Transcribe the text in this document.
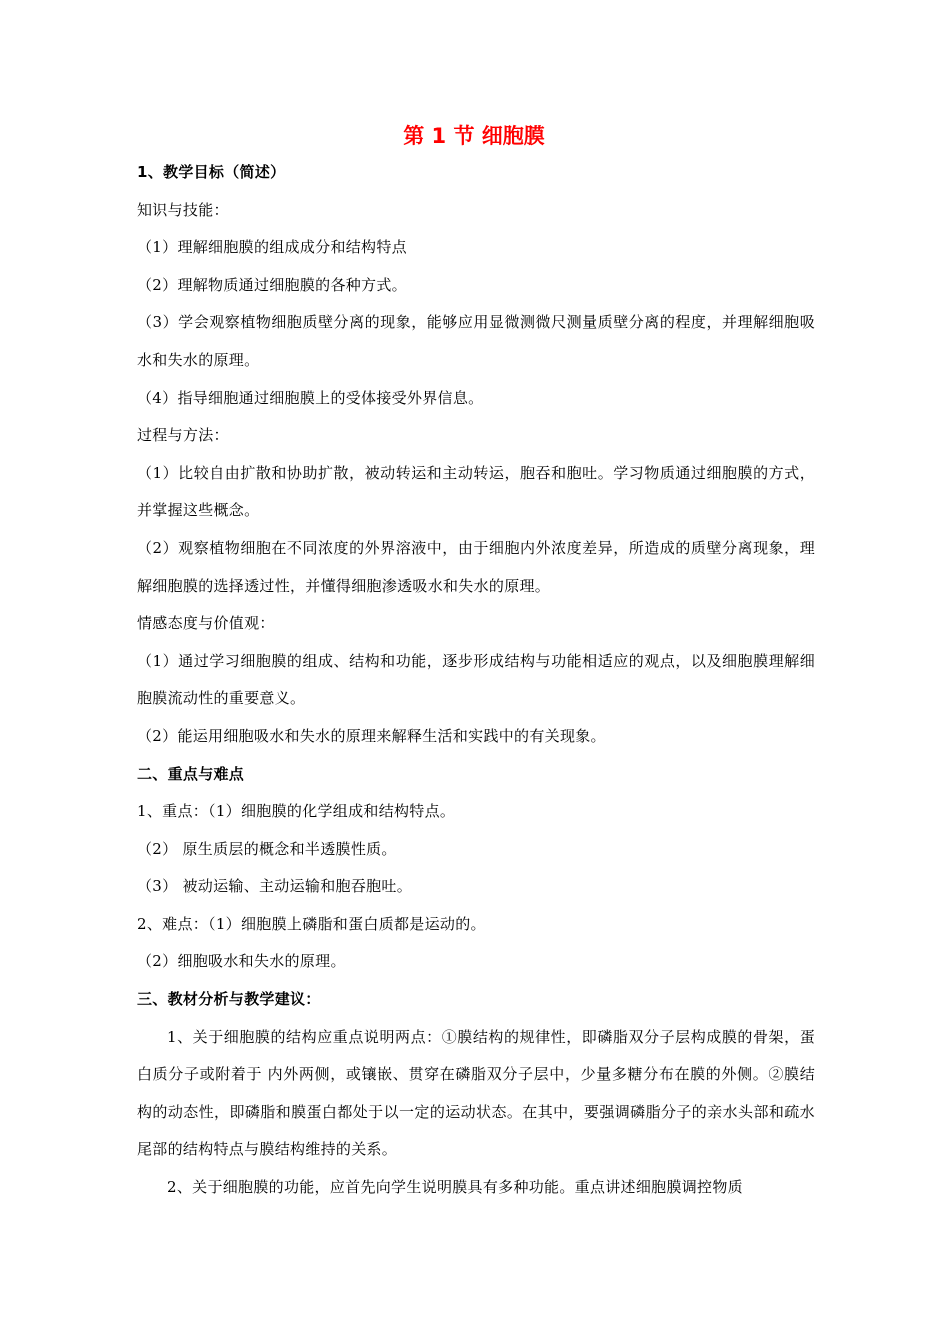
第 1 节 细胞膜
1、教学目标（简述）
知识与技能：
（1）理解细胞膜的组成成分和结构特点
（2）理解物质通过细胞膜的各种方式。
（3）学会观察植物细胞质壁分离的现象，能够应用显微测微尺测量质壁分离的程度，并理解细胞吸水和失水的原理。
（4）指导细胞通过细胞膜上的受体接受外界信息。
过程与方法：
（1）比较自由扩散和协助扩散，被动转运和主动转运，胞吞和胞吐。学习物质通过细胞膜的方式，并掌握这些概念。
（2）观察植物细胞在不同浓度的外界溶液中，由于细胞内外浓度差异，所造成的质壁分离现象，理解细胞膜的选择透过性，并懂得细胞渗透吸水和失水的原理。
情感态度与价值观：
（1）通过学习细胞膜的组成、结构和功能，逐步形成结构与功能相适应的观点，以及细胞膜理解细胞膜流动性的重要意义。
（2）能运用细胞吸水和失水的原理来解释生活和实践中的有关现象。
二、重点与难点
1、重点：（1）细胞膜的化学组成和结构特点。
（2） 原生质层的概念和半透膜性质。
（3） 被动运输、主动运输和胞吞胞吐。
2、难点：（1）细胞膜上磷脂和蛋白质都是运动的。
（2）细胞吸水和失水的原理。
三、教材分析与教学建议：
1、关于细胞膜的结构应重点说明两点：①膜结构的规律性，即磷脂双分子层构成膜的骨架，蛋白质分子或附着于 内外两侧，或镶嵌、贯穿在磷脂双分子层中，少量多糖分布在膜的外侧。②膜结构的动态性，即磷脂和膜蛋白都处于以一定的运动状态。在其中，要强调磷脂分子的亲水头部和疏水尾部的结构特点与膜结构维持的关系。
2、关于细胞膜的功能，应首先向学生说明膜具有多种功能。重点讲述细胞膜调控物质
